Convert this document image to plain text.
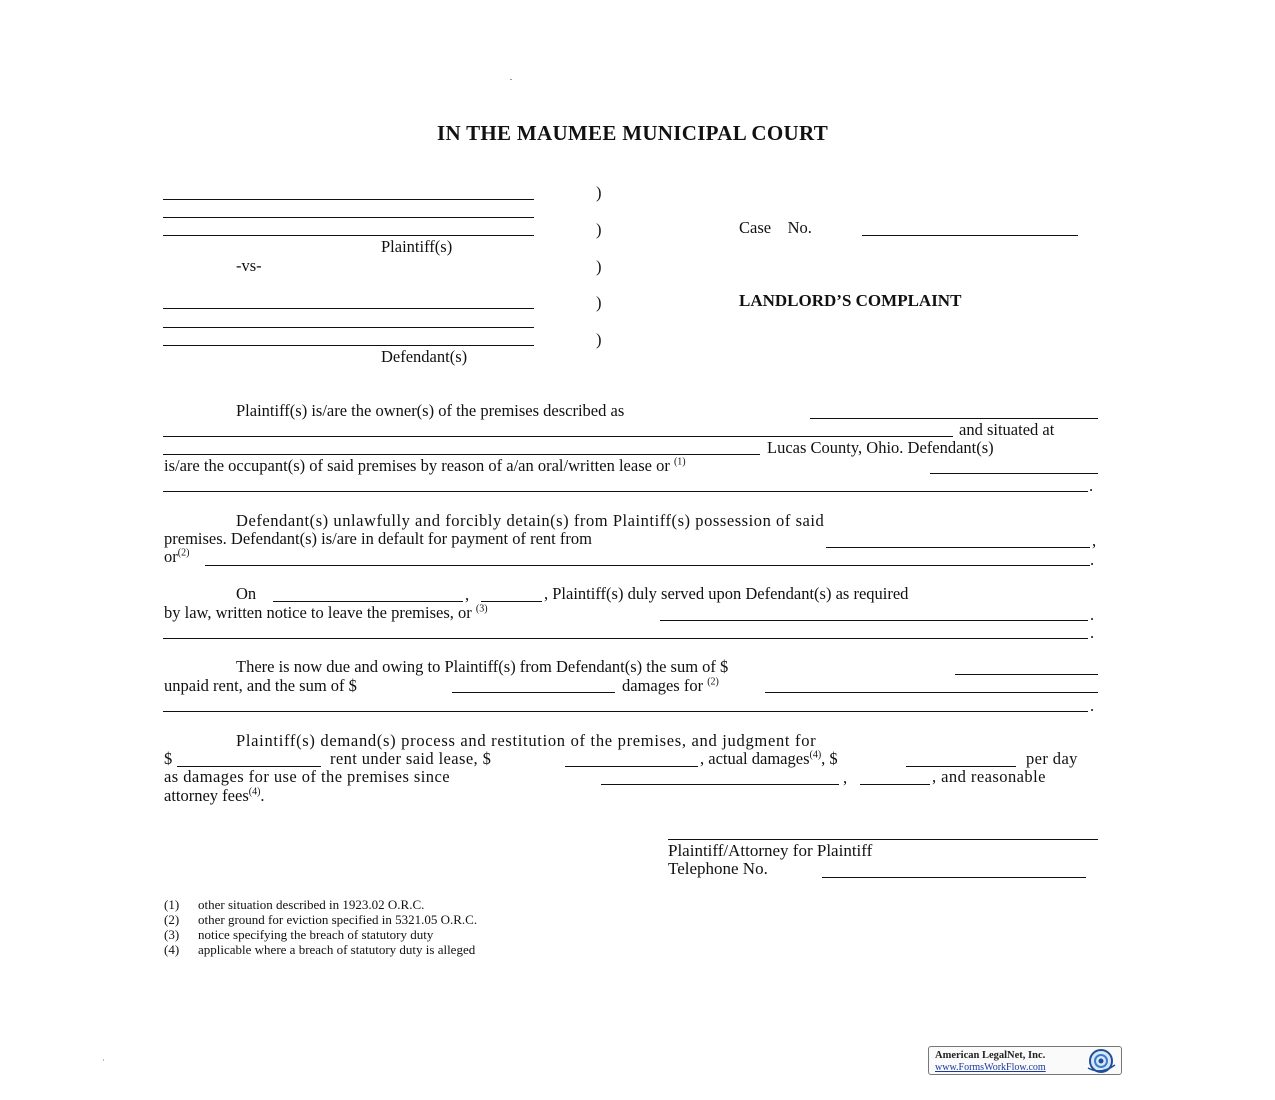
IN THE MAUMEE MUNICIPAL COURT
Plaintiff(s)
-vs-
Defendant(s)
)
)
)
)
)
Case    No.
LANDLORD’S COMPLAINT
Plaintiff(s) is/are the owner(s) of the premises described as
and situated at
Lucas County, Ohio. Defendant(s)
is/are the occupant(s) of said premises by reason of a/an oral/written lease or $^{(1)}$
.
Defendant(s) unlawfully and forcibly detain(s) from Plaintiff(s) possession of said
premises. Defendant(s) is/are in default for payment of rent from	,
$or^{(2)}$	.
On	,	, Plaintiff(s) duly served upon Defendant(s) as required
by law, written notice to leave the premises, or $^{(3)}$	.
.
There is now due and owing to Plaintiff(s) from Defendant(s) the sum of $
unpaid rent, and the sum of $	damages for $^{(2)}$
.
Plaintiff(s) demand(s) process and restitution of the premises, and judgment for
$	rent under said lease, $	, actual damages$^{(4)}$, $	per day
as damages for use of the premises since	,	, and reasonable
attorney fees$^{(4)}$.
Plaintiff/Attorney for Plaintiff
Telephone No.
(1) other situation described in 1923.02 O.R.C.
(2) other ground for eviction specified in 5321.05 O.R.C.
(3) notice specifying the breach of statutory duty
(4) applicable where a breach of statutory duty is alleged
American LegalNet, Inc.
www.FormsWorkFlow.com
